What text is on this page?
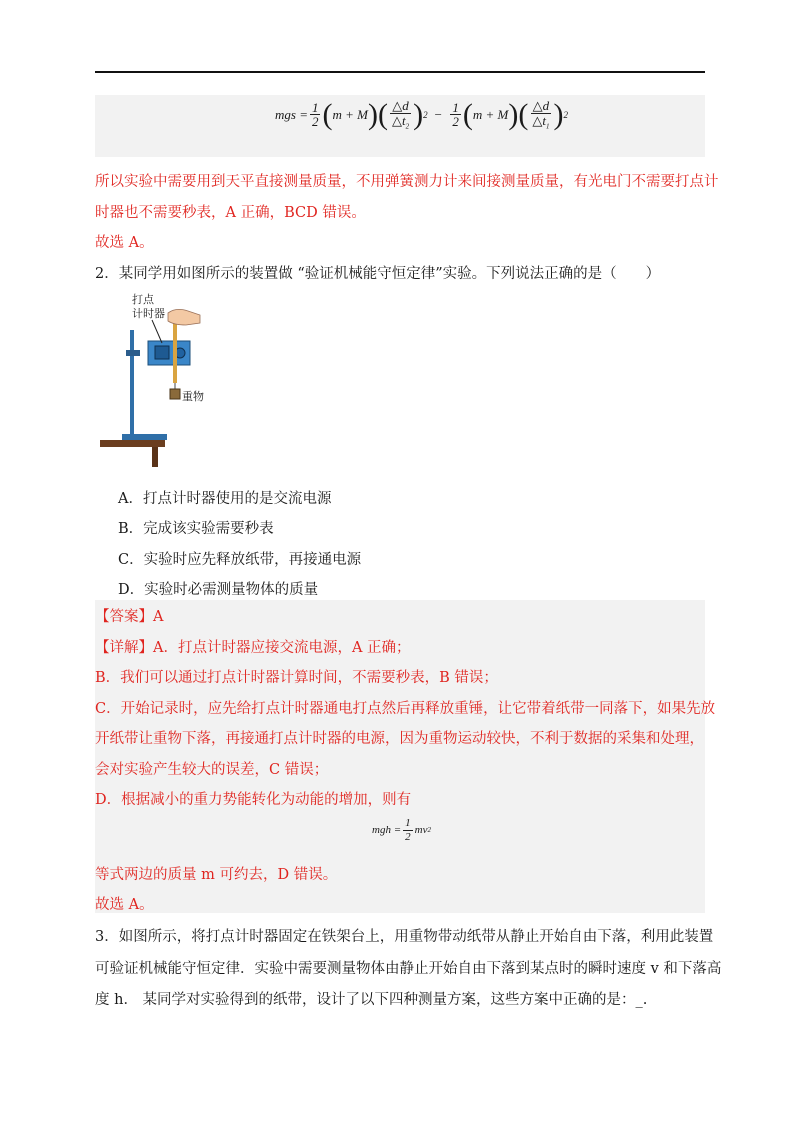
mgs = $\frac{1}{2}$ ( m + M ) ( $\frac{\triangle d}{\triangle t_2}$ ) $2 - \frac{1}{2}$ ( m + M ) ( $\frac{\triangle d}{\triangle t_1}$ ) 2
所以实验中需要用到天平直接测量质量，不用弹簧测力计来间接测量质量，有光电门不需要打点计
时器也不需要秒表，A 正确，BCD 错误。
故选 A。
2．某同学用如图所示的装置做 “验证机械能守恒定律”实验。下列说法正确的是（　　）
打点
计时器
重物
A．打点计时器使用的是交流电源
B．完成该实验需要秒表
C．实验时应先释放纸带，再接通电源
D．实验时必需测量物体的质量
【答案】A
【详解】A．打点计时器应接交流电源，A 正确；
B．我们可以通过打点计时器计算时间，不需要秒表，B 错误；
C．开始记录时，应先给打点计时器通电打点然后再释放重锤，让它带着纸带一同落下，如果先放
开纸带让重物下落，再接通打点计时器的电源，因为重物运动较快，不利于数据的采集和处理，
会对实验产生较大的误差，C 错误；
D．根据减小的重力势能转化为动能的增加，则有
mgh = $\frac{1}{2}$ mv 2
等式两边的质量 m 可约去，D 错误。
故选 A。
3．如图所示，将打点计时器固定在铁架台上，用重物带动纸带从静止开始自由下落，利用此装置
可验证机械能守恒定律．实验中需要测量物体由静止开始自由下落到某点时的瞬时速度 v 和下落高
度 h． 某同学对实验得到的纸带，设计了以下四种测量方案，这些方案中正确的是：_.
